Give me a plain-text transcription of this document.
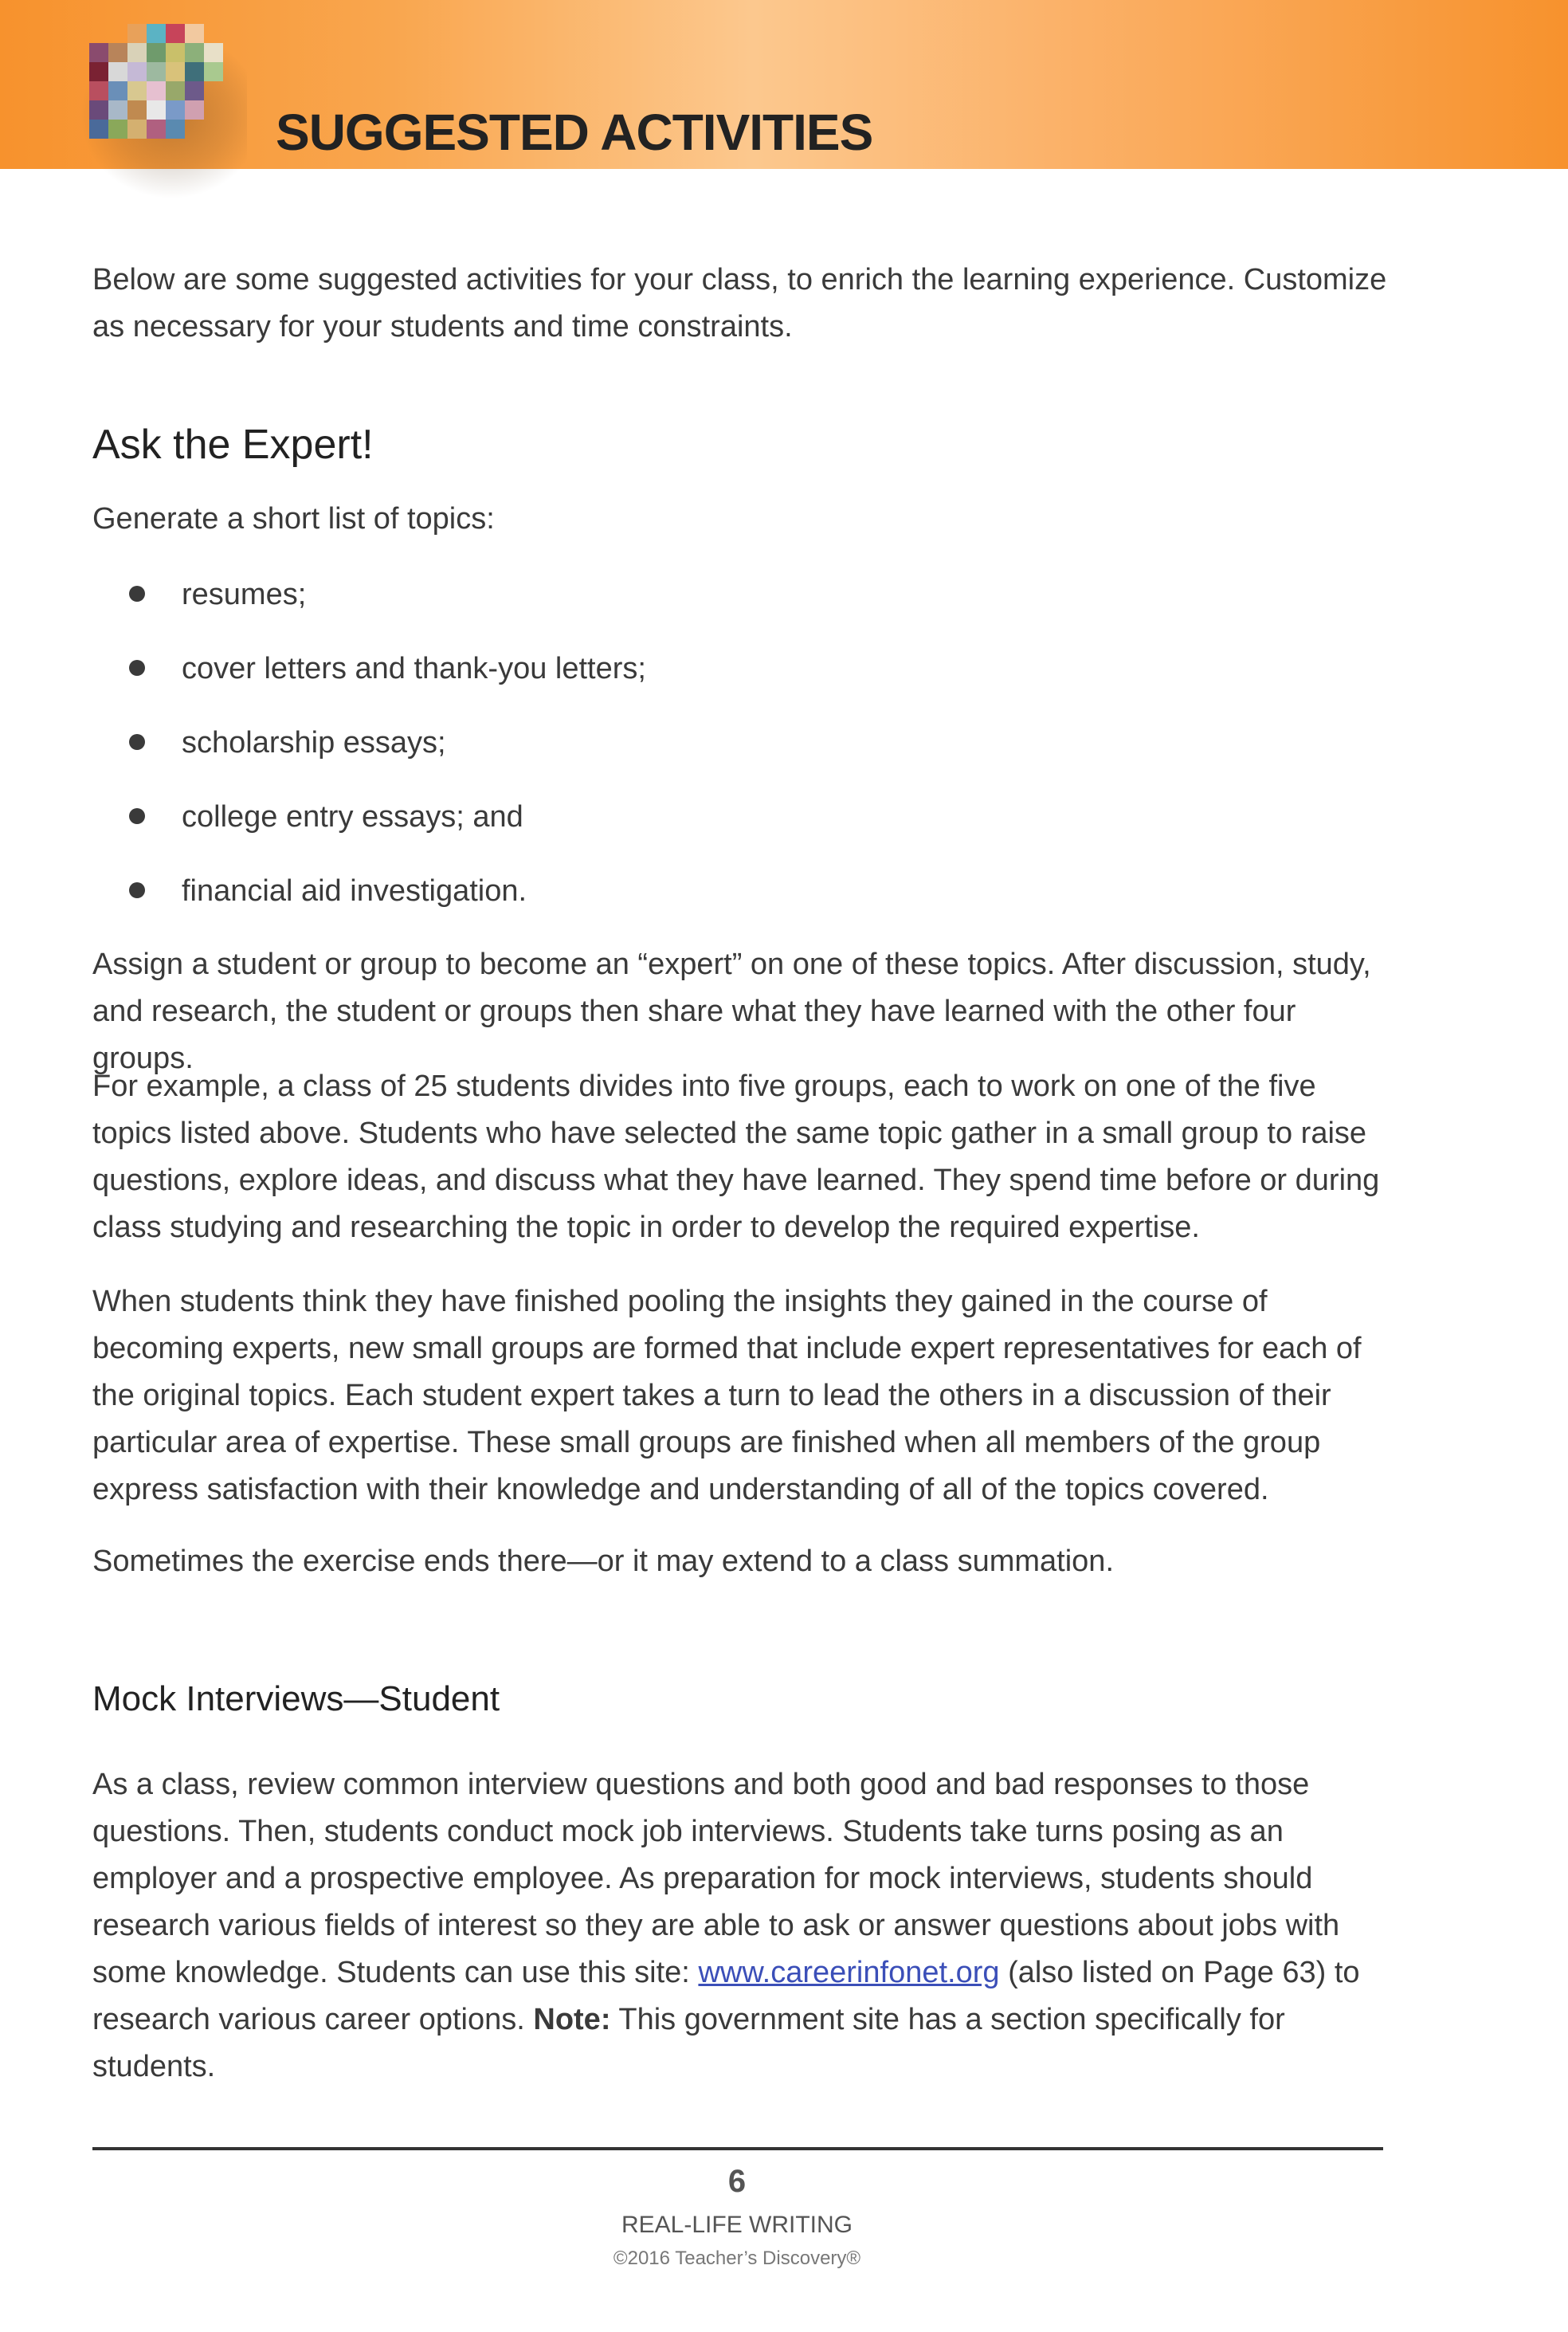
SUGGESTED ACTIVITIES

Below are some suggested activities for your class, to enrich the learning experience. Customize as necessary for your students and time constraints.

Ask the Expert!

Generate a short list of topics:

resumes;
cover letters and thank-you letters;
scholarship essays;
college entry essays; and
financial aid investigation.

Assign a student or group to become an “expert” on one of these topics. After discussion, study, and research, the student or groups then share what they have learned with the other four groups.

For example, a class of 25 students divides into five groups, each to work on one of the five topics listed above. Students who have selected the same topic gather in a small group to raise questions, explore ideas, and discuss what they have learned. They spend time before or during class studying and researching the topic in order to develop the required expertise.

When students think they have finished pooling the insights they gained in the course of becoming experts, new small groups are formed that include expert representatives for each of the original topics. Each student expert takes a turn to lead the others in a discussion of their particular area of expertise. These small groups are finished when all members of the group express satisfaction with their knowledge and understanding of all of the topics covered.

Sometimes the exercise ends there—or it may extend to a class summation.

Mock Interviews—Student

As a class, review common interview questions and both good and bad responses to those questions. Then, students conduct mock job interviews. Students take turns posing as an employer and a prospective employee. As preparation for mock interviews, students should research various fields of interest so they are able to ask or answer questions about jobs with some knowledge. Students can use this site: www.careerinfonet.org (also listed on Page 63) to research various career options. Note: This government site has a section specifically for students.

6
REAL-LIFE WRITING
©2016 Teacher’s Discovery®
